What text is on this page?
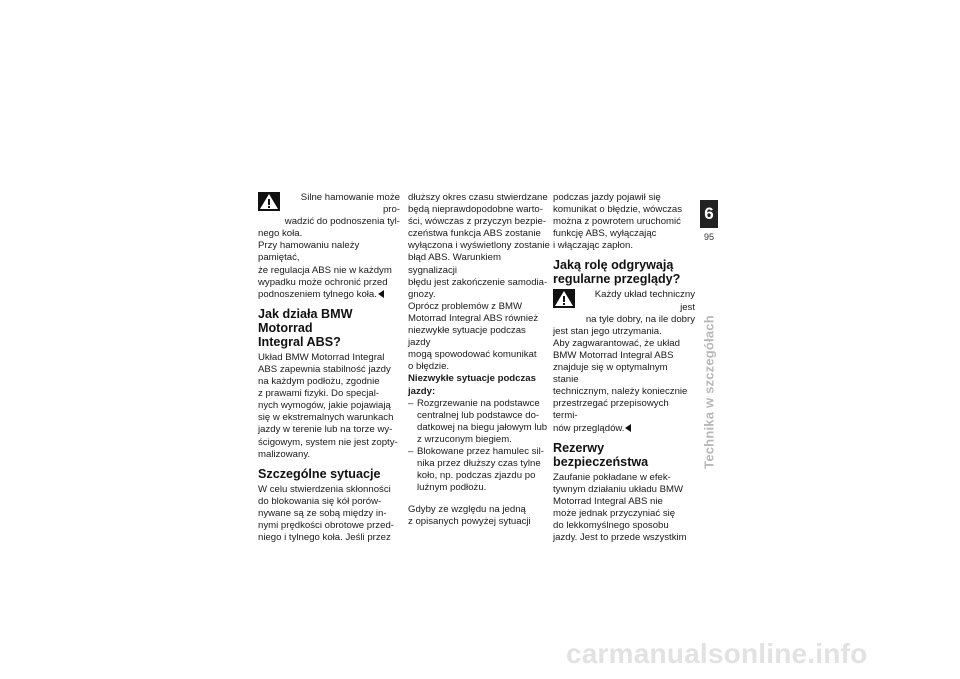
Silne hamowanie może pro-

wadzić do podnoszenia tyl-

nego koła.

Przy hamowaniu należy pamiętać,

że regulacja ABS nie w każdym

wypadku może ochronić przed

podnoszeniem tylnego koła.

Jak działa BMW Motorrad
Integral ABS?

Układ BMW Motorrad Integral

ABS zapewnia stabilność jazdy

na każdym podłożu, zgodnie

z prawami fizyki. Do specjal-

nych wymogów, jakie pojawiają

się w ekstremalnych warunkach

jazdy w terenie lub na torze wy-

ścigowym, system nie jest zopty-

malizowany.

Szczególne sytuacje

W celu stwierdzenia skłonności

do blokowania się kół porów-

nywane są ze sobą między in-

nymi prędkości obrotowe przed-

niego i tylnego koła. Jeśli przez

dłuższy okres czasu stwierdzane

będą nieprawdopodobne warto-

ści, wówczas z przyczyn bezpie-

czeństwa funkcja ABS zostanie

wyłączona i wyświetlony zostanie

błąd ABS. Warunkiem sygnalizacji

błędu jest zakończenie samodia-

gnozy.

Oprócz problemów z BMW

Motorrad Integral ABS również

niezwykłe sytuacje podczas jazdy

mogą spowodować komunikat

o błędzie.

Niezwykłe sytuacje podczas
jazdy:
– Rozgrzewanie na podstawce

centralnej lub podstawce do-

datkowej na biegu jałowym lub

z wrzuconym biegiem.

– Blokowane przez hamulec sil-

nika przez dłuższy czas tylne

koło, np. podczas zjazdu po

luźnym podłożu.

Gdyby ze względu na jedną

z opisanych powyżej sytuacji

podczas jazdy pojawił się

komunikat o błędzie, wówczas

można z powrotem uruchomić

funkcję ABS, wyłączając

i włączając zapłon.

Jaką rolę odgrywają
regularne przeglądy?

Każdy układ techniczny jest

na tyle dobry, na ile dobry

jest stan jego utrzymania.

Aby zagwarantować, że układ

BMW Motorrad Integral ABS

znajduje się w optymalnym stanie

technicznym, należy koniecznie

przestrzegać przepisowych termi-

nów przeglądów.

Rezerwy bezpieczeństwa

Zaufanie pokładane w efek-

tywnym działaniu układu BMW

Motorrad Integral ABS nie

może jednak przyczyniać się

do lekkomyślnego sposobu

jazdy. Jest to przede wszystkim

6
95
Technika w szczegółach
carmanualsonline.info
